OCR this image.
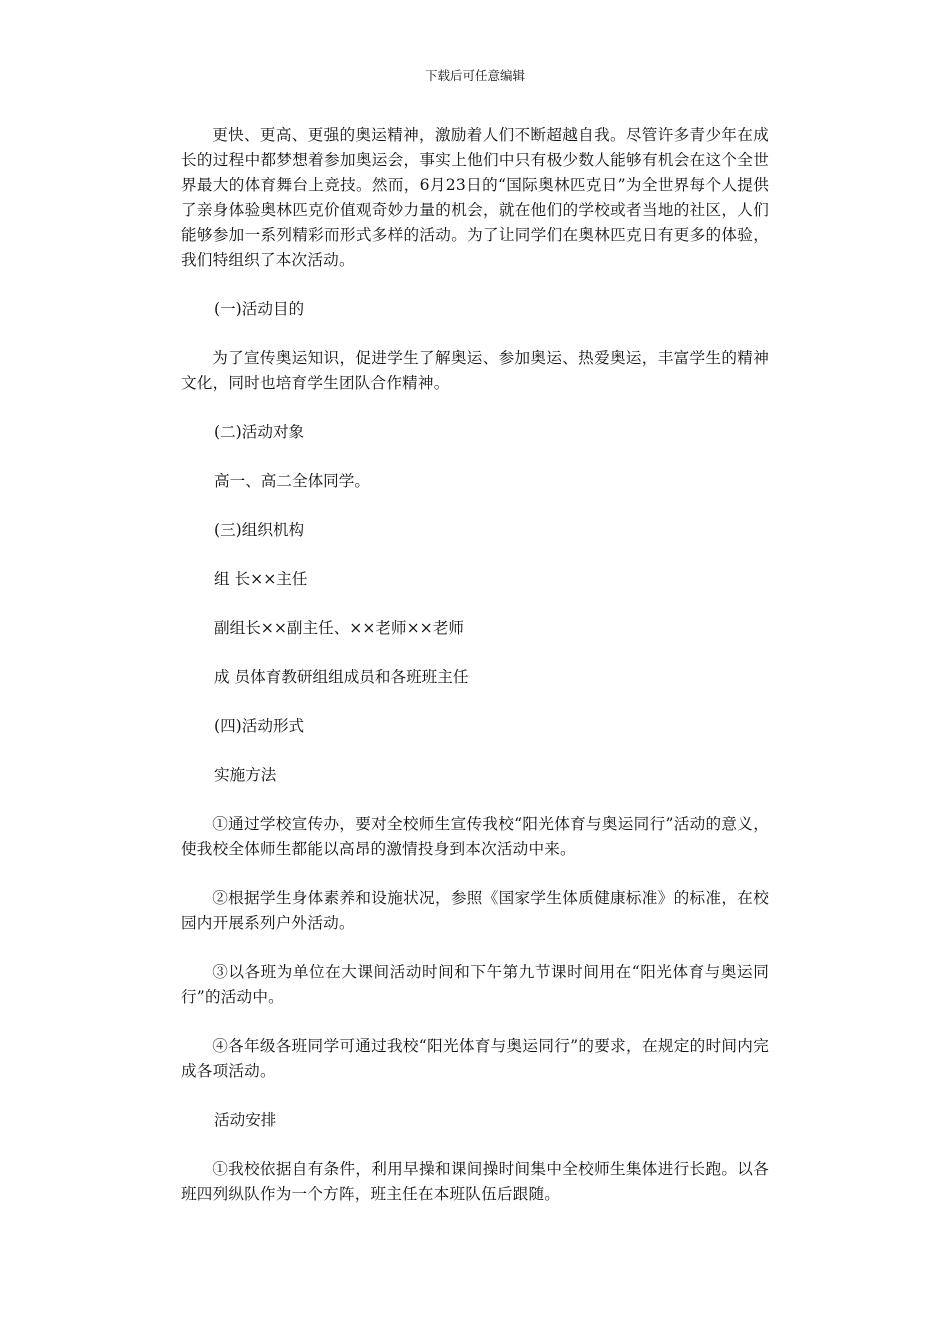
下载后可任意编辑

更快、更高、更强的奥运精神，激励着人们不断超越自我。尽管许多青少年在成长的过程中都梦想着参加奥运会，事实上他们中只有极少数人能够有机会在这个全世界最大的体育舞台上竞技。然而，6月23日的“国际奥林匹克日”为全世界每个人提供了亲身体验奥林匹克价值观奇妙力量的机会，就在他们的学校或者当地的社区，人们能够参加一系列精彩而形式多样的活动。为了让同学们在奥林匹克日有更多的体验，我们特组织了本次活动。

(一)活动目的

为了宣传奥运知识，促进学生了解奥运、参加奥运、热爱奥运，丰富学生的精神文化，同时也培育学生团队合作精神。

(二)活动对象

高一、高二全体同学。

(三)组织机构

组 长××主任

副组长××副主任、××老师××老师

成 员体育教研组组成员和各班班主任

(四)活动形式

实施方法

①通过学校宣传办，要对全校师生宣传我校“阳光体育与奥运同行”活动的意义，使我校全体师生都能以高昂的激情投身到本次活动中来。

②根据学生身体素养和设施状况，参照《国家学生体质健康标准》的标准，在校园内开展系列户外活动。

③以各班为单位在大课间活动时间和下午第九节课时间用在“阳光体育与奥运同行”的活动中。

④各年级各班同学可通过我校“阳光体育与奥运同行”的要求，在规定的时间内完成各项活动。

活动安排

①我校依据自有条件，利用早操和课间操时间集中全校师生集体进行长跑。以各班四列纵队作为一个方阵，班主任在本班队伍后跟随。
